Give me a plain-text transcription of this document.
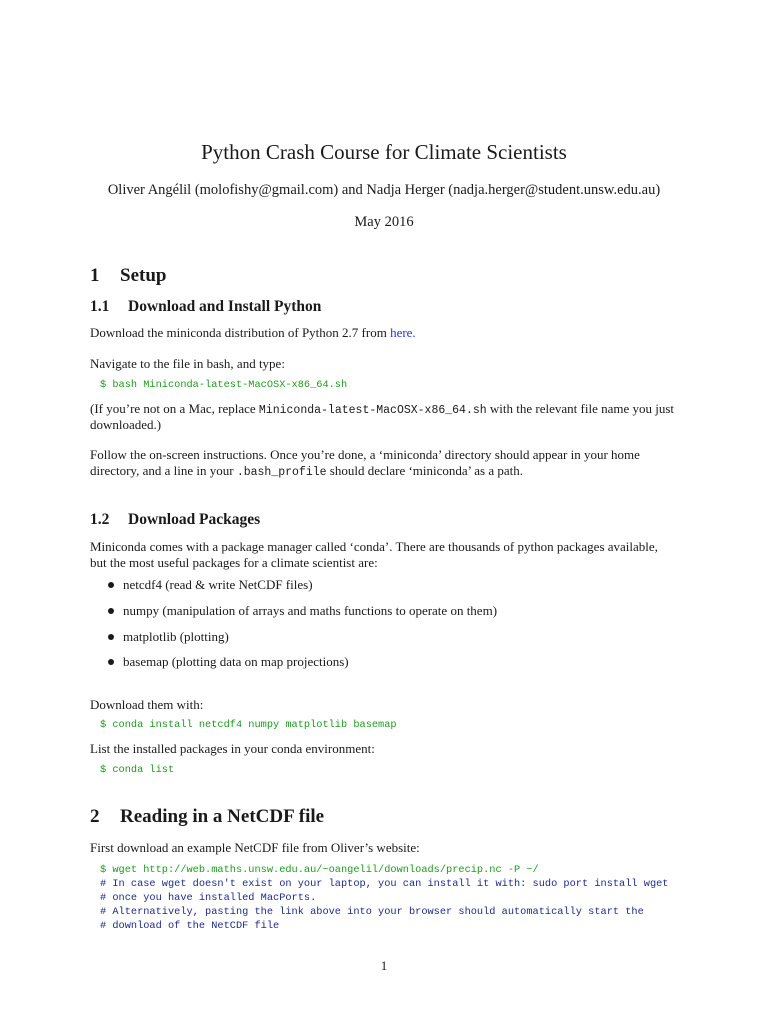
Python Crash Course for Climate Scientists
Oliver Angélil (molofishy@gmail.com) and Nadja Herger (nadja.herger@student.unsw.edu.au)
May 2016
1 Setup
1.1 Download and Install Python
Download the miniconda distribution of Python 2.7 from here.
Navigate to the file in bash, and type:
$ bash Miniconda-latest-MacOSX-x86_64.sh
(If you’re not on a Mac, replace Miniconda-latest-MacOSX-x86_64.sh with the relevant file name you just
downloaded.)
Follow the on-screen instructions. Once you’re done, a ‘miniconda’ directory should appear in your home
directory, and a line in your .bash_profile should declare ‘miniconda’ as a path.
1.2 Download Packages
Miniconda comes with a package manager called ‘conda’. There are thousands of python packages available,
but the most useful packages for a climate scientist are:
netcdf4 (read & write NetCDF files)
numpy (manipulation of arrays and maths functions to operate on them)
matplotlib (plotting)
basemap (plotting data on map projections)
Download them with:
$ conda install netcdf4 numpy matplotlib basemap
List the installed packages in your conda environment:
$ conda list
2 Reading in a NetCDF file
First download an example NetCDF file from Oliver’s website:
$ wget http://web.maths.unsw.edu.au/~oangelil/downloads/precip.nc -P ~/
# In case wget doesn't exist on your laptop, you can install it with: sudo port install wget
# once you have installed MacPorts.
# Alternatively, pasting the link above into your browser should automatically start the
# download of the NetCDF file
1
